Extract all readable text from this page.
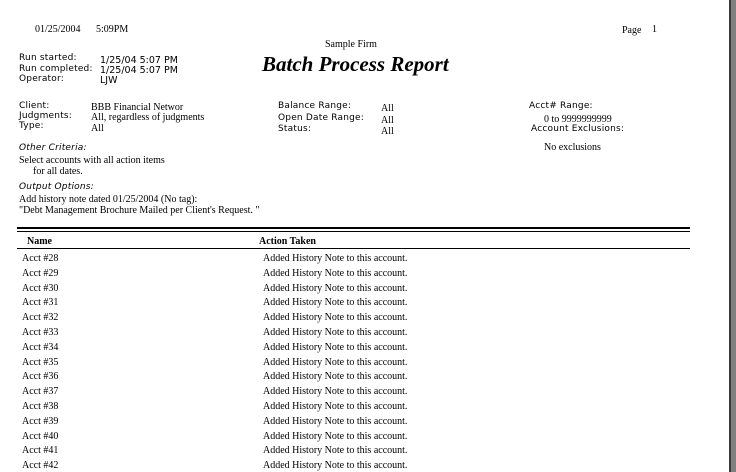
01/25/2004 5:09PM	Page 1
Sample Firm
Batch Process Report
Run started: 1/25/04 5:07 PM
Run completed: 1/25/04 5:07 PM
Operator:	LJW
Client:	BBB Financial Networ
Judgments: All, regardless of judgments
Type:	All
Balance Range:	All
Open Date Range: All
Status:	All
Acct# Range:
0 to 9999999999
Account Exclusions:
No exclusions
Other Criteria:
Select accounts with all action items
for all dates.
Output Options:
Add history note dated 01/25/2004 (No tag):
"Debt Management Brochure Mailed per Client's Request. "
Name	Action Taken
Acct #28	Added History Note to this account.
Acct #29	Added History Note to this account.
Acct #30	Added History Note to this account.
Acct #31	Added History Note to this account.
Acct #32	Added History Note to this account.
Acct #33	Added History Note to this account.
Acct #34	Added History Note to this account.
Acct #35	Added History Note to this account.
Acct #36	Added History Note to this account.
Acct #37	Added History Note to this account.
Acct #38	Added History Note to this account.
Acct #39	Added History Note to this account.
Acct #40	Added History Note to this account.
Acct #41	Added History Note to this account.
Acct #42	Added History Note to this account.
